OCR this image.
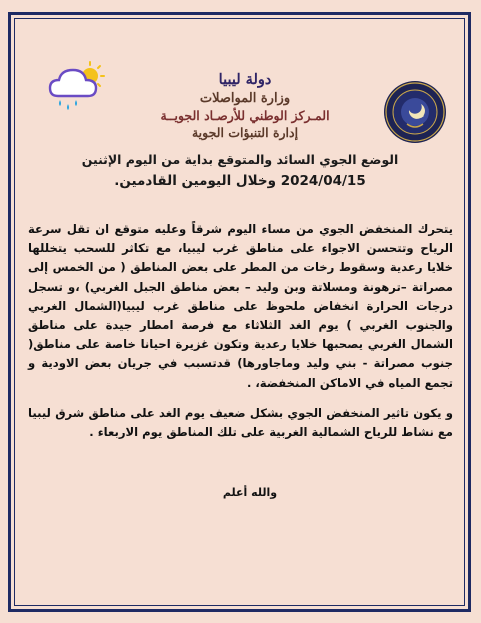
دولة ليبيا
وزارة المواصلات
المـركز الوطني للأرصـاد الجويــة
إدارة التنبؤات الجوية
الوضع الجوي السائد والمتوقع بداية من اليوم الإثنين
2024/04/15 وخلال اليومين القادمين.
يتحرك المنخفض الجوي من مساء اليوم شرقاً وعليه متوقع ان تقل سرعة الرياح وتتحسن الاجواء على مناطق غرب ليبيا، مع تكاثر للسحب يتخللها خلايا رعدية وسقوط رخات من المطر على بعض المناطق ( من الخمس إلى مصراتة –ترهونة ومسلاتة وبن وليد – بعض مناطق الجبل الغربي) ،و تسجل درجات الحرارة انخفاض ملحوظ على مناطق غرب ليبيا(الشمال الغربي والجنوب الغربي ) يوم الغد الثلاثاء مع فرصة امطار جيدة على مناطق الشمال الغربي يصحبها خلايا رعدية وتكون غزيرة احيانا خاصة على مناطق( جنوب مصراتة - بني وليد وماجاورها) قدتسبب في جريان بعض الاودية و تجمع المياه في الاماكن المنخفضة، .
و يكون تاثير المنخفض الجوي بشكل ضعيف يوم الغد على مناطق شرق ليبيا مع نشاط للرياح الشمالية الغربية على تلك المناطق يوم الاربعاء .
والله أعلم
